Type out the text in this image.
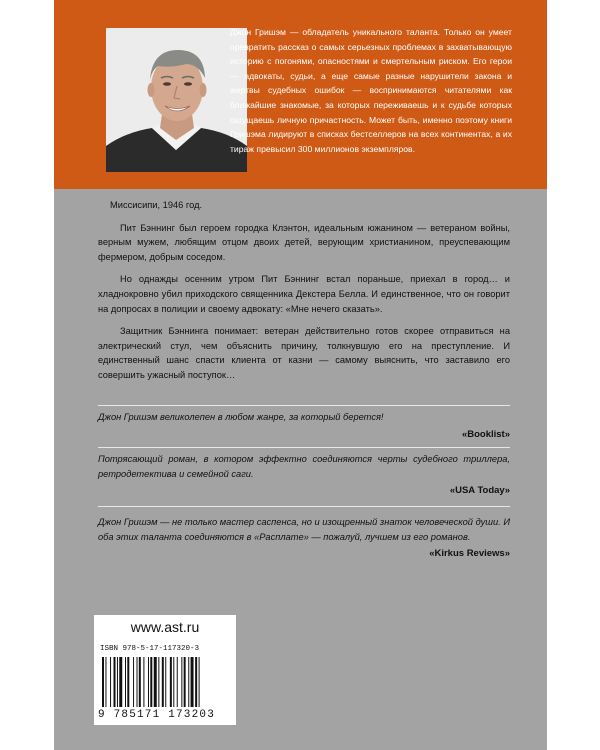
Джон Гришэм — обладатель уникального таланта. Только он умеет превратить рассказ о самых серьезных проблемах в захватывающую историю с погонями, опасностями и смертельным риском. Его герои — адвокаты, судьи, а еще самые разные нарушители закона и жертвы судебных ошибок — воспринимаются читателями как ближайшие знакомые, за которых переживаешь и к судьбе которых ощущаешь личную причастность. Может быть, именно поэтому книги Гришэма лидируют в списках бестселлеров на всех континентах, а их тираж превысил 300 миллионов экземпляров.

Миссисипи, 1946 год.

Пит Бэннинг был героем городка Клэнтон, идеальным южанином — ветераном войны, верным мужем, любящим отцом двоих детей, верующим христианином, преуспевающим фермером, добрым соседом.

Но однажды осенним утром Пит Бэннинг встал пораньше, приехал в город… и хладнокровно убил приходского священника Декстера Белла. И единственное, что он говорит на допросах в полиции и своему адвокату: «Мне нечего сказать».

Защитник Бэннинга понимает: ветеран действительно готов скорее отправиться на электрический стул, чем объяснить причину, толкнувшую его на преступление. И единственный шанс спасти клиента от казни — самому выяснить, что заставило его совершить ужасный поступок…

Джон Гришэм великолепен в любом жанре, за который берется!
«Booklist»
Потрясающий роман, в котором эффектно соединяются черты судебного триллера, ретродетектива и семейной саги.
«USA Today»
Джон Гришэм — не только мастер саспенса, но и изощренный знаток человеческой души. И оба этих таланта соединяются в «Расплате» — пожалуй, лучшем из его романов.
«Kirkus Reviews»
www.ast.ru
ISBN 978-5-17-117320-3
9 785171 173203
